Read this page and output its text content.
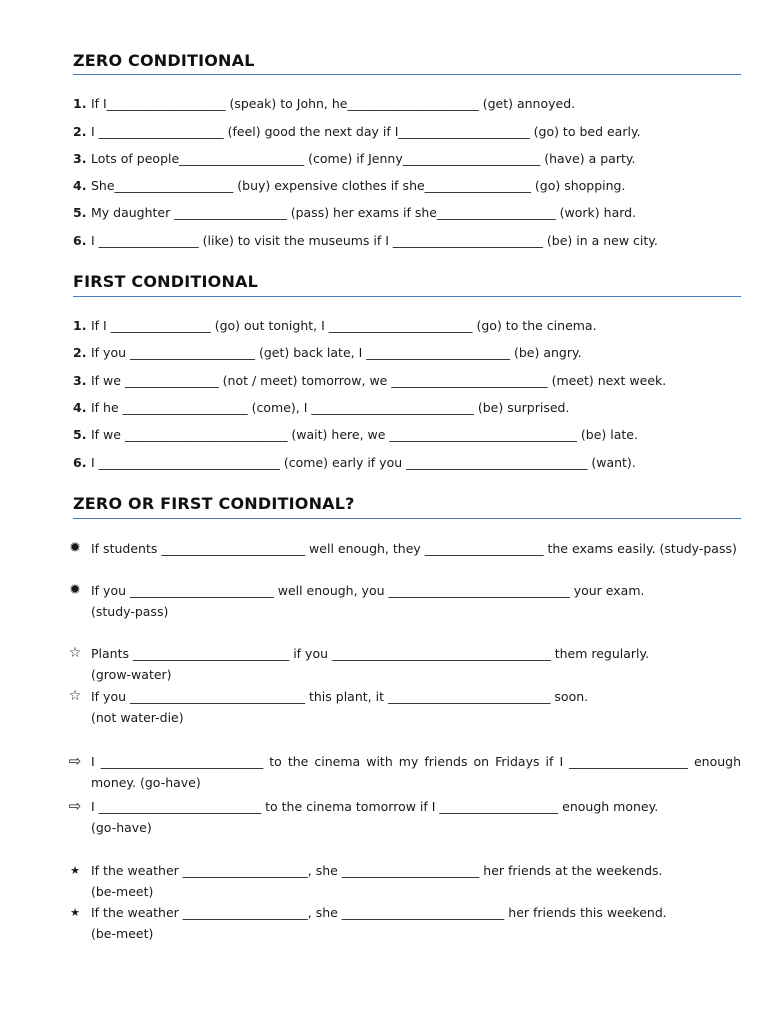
ZERO CONDITIONAL
1. If I___________________ (speak) to John, he_____________________ (get) annoyed.
2. I ____________________ (feel) good the next day if I_____________________ (go) to bed early.
3. Lots of people____________________ (come) if Jenny______________________ (have) a party.
4. She___________________ (buy) expensive clothes if she_________________ (go) shopping.
5. My daughter __________________ (pass) her exams if she___________________ (work) hard.
6. I ________________ (like) to visit the museums if I ________________________ (be) in a new city.
FIRST CONDITIONAL
1. If I ________________ (go) out tonight, I _______________________ (go) to the cinema.
2. If you ____________________ (get) back late, I _______________________ (be) angry.
3. If we _______________ (not / meet) tomorrow, we _________________________ (meet) next week.
4. If he ____________________ (come), I __________________________ (be) surprised.
5. If we __________________________ (wait) here, we ______________________________ (be) late.
6. I _____________________________ (come) early if you _____________________________ (want).
ZERO OR FIRST CONDITIONAL?
✹ If students _______________________ well enough, they ___________________ the exams easily. (study-pass)
✹ If you _______________________ well enough, you _____________________________ your exam.
(study-pass)
☆ Plants _________________________ if you ___________________________________ them regularly.
(grow-water)
☆ If you ____________________________ this plant, it __________________________ soon.
(not water-die)
⇨ I __________________________ to the cinema with my friends on Fridays if I ___________________ enough money. (go-have)
⇨ I __________________________ to the cinema tomorrow if I ___________________ enough money.
(go-have)
★ If the weather ____________________, she ______________________ her friends at the weekends.
(be-meet)
★ If the weather ____________________, she __________________________ her friends this weekend.
(be-meet)
